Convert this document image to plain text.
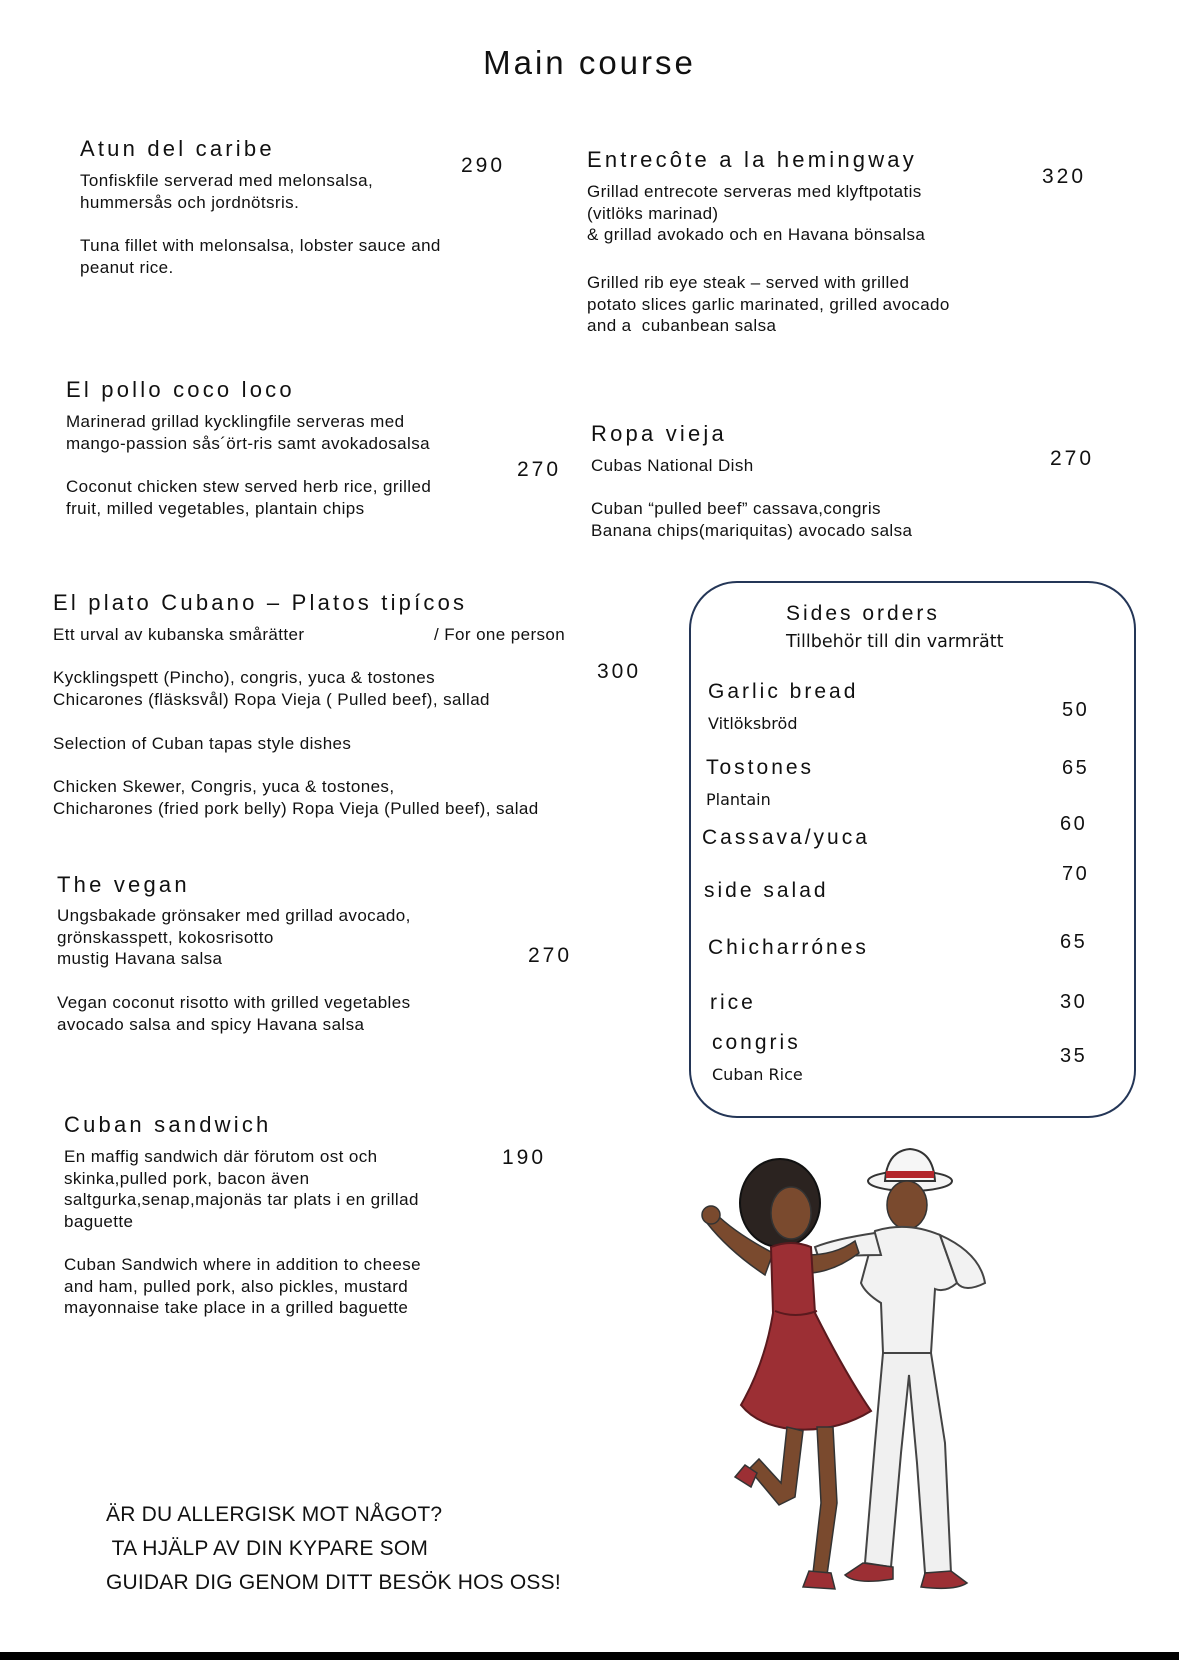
Main course
Atun del caribe
290
Tonfiskfile serverad med melonsalsa,
hummersås och jordnötsris.
Tuna fillet with melonsalsa, lobster sauce and
peanut rice.
Entrecôte a la hemingway
320
Grillad entrecote serveras med klyftpotatis
(vitlöks marinad)
& grillad avokado och en Havana bönsalsa
Grilled rib eye steak – served with grilled
potato slices garlic marinated, grilled avocado
and a  cubanbean salsa
El pollo coco loco
270
Marinerad grillad kycklingfile serveras med
mango-passion sås´ört-ris samt avokadosalsa
Coconut chicken stew served herb rice, grilled
fruit, milled vegetables, plantain chips
Ropa vieja
270
Cubas National Dish
Cuban “pulled beef” cassava,congris
Banana chips(mariquitas) avocado salsa
El plato Cubano – Platos tipícos
300
/ For one person
Ett urval av kubanska smårätter

Kycklingspett (Pincho), congris, yuca & tostones
Chicarones (fläsksvål) Ropa Vieja ( Pulled beef), sallad
Selection of Cuban tapas style dishes

Chicken Skewer, Congris, yuca & tostones,
Chicharones (fried pork belly) Ropa Vieja (Pulled beef), salad
The vegan
270
Ungsbakade grönsaker med grillad avocado,
grönskasspett, kokosrisotto
mustig Havana salsa
Vegan coconut risotto with grilled vegetables
avocado salsa and spicy Havana salsa
Cuban sandwich
190
En maffig sandwich där förutom ost och
skinka,pulled pork, bacon även
saltgurka,senap,majonäs tar plats i en grillad
baguette
Cuban Sandwich where in addition to cheese
and ham, pulled pork, also pickles, mustard
mayonnaise take place in a grilled baguette
Sides orders
Tillbehör till din varmrätt
Garlic bread
Vitlöksbröd
50
Tostones
Plantain
65
Cassava/yuca
60
side salad
70
Chicharrónes	65
rice	30
congris
Cuban Rice
35
ÄR DU ALLERGISK MOT NÅGOT?
TA HJÄLP AV DIN KYPARE SOM
GUIDAR DIG GENOM DITT BESÖK HOS OSS!
